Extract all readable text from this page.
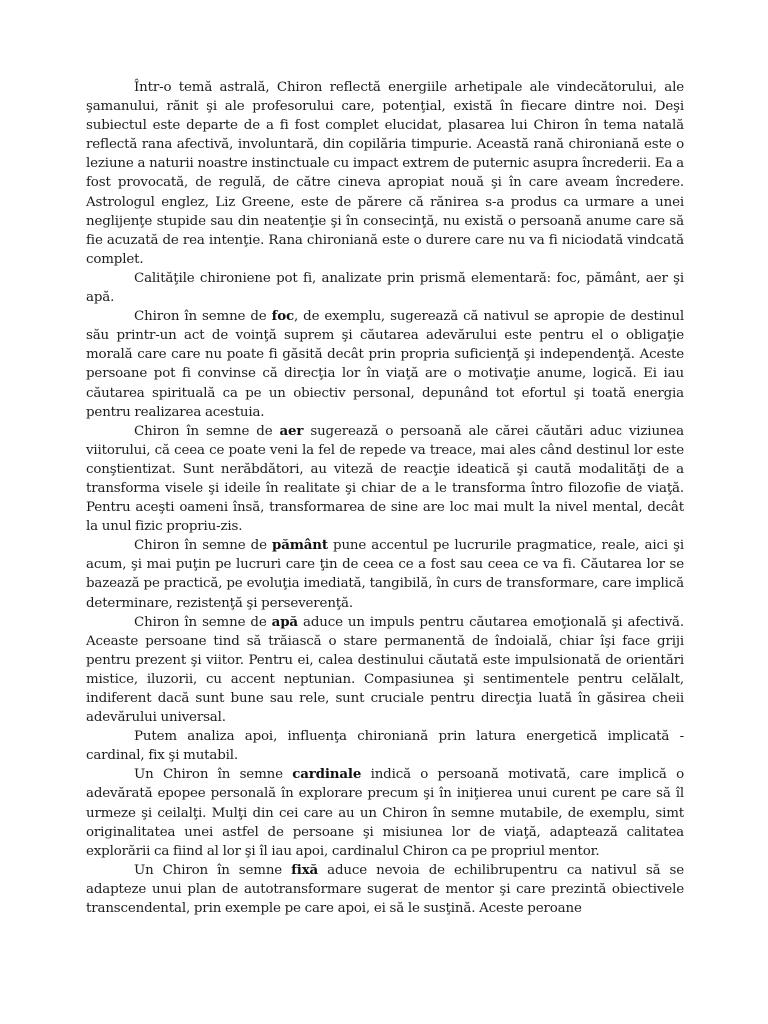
Într-o temă astrală, Chiron reflectă energiile arhetipale ale vindecătorului, ale şamanului, rănit şi ale profesorului care, potenţial, există în fiecare dintre noi. Deşi subiectul este departe de a fi fost complet elucidat, plasarea lui Chiron în tema natală reflectă rana afectivă, involuntară, din copilăria timpurie. Această rană chironiană este o leziune a naturii noastre instinctuale cu impact extrem de puternic asupra încrederii. Ea a fost provocată, de regulă, de către cineva apropiat nouă şi în care aveam încredere. Astrologul englez, Liz Greene, este de părere că rănirea s-a produs ca urmare a unei neglijenţe stupide sau din neatenţie şi în consecinţă, nu există o persoană anume care să fie acuzată de rea intenţie. Rana chironiană este o durere care nu va fi niciodată vindcată complet.

Calităţile chironiene pot fi, analizate prin prismă elementară: foc, pământ, aer şi apă.

Chiron în semne de foc, de exemplu, sugerează că nativul se apropie de destinul său printr-un act de voinţă suprem şi căutarea adevărului este pentru el o obligaţie morală care care nu poate fi găsită decât prin propria suficienţă şi independenţă. Aceste persoane pot fi convinse că direcţia lor în viaţă are o motivaţie anume, logică. Ei iau căutarea spirituală ca pe un obiectiv personal, depunând tot efortul şi toată energia pentru realizarea acestuia.

Chiron în semne de aer sugerează o persoană ale cărei căutări aduc viziunea viitorului, că ceea ce poate veni la fel de repede va treace, mai ales când destinul lor este conştientizat. Sunt nerăbdători, au viteză de reacţie ideatică şi caută modalităţi de a transforma visele şi ideile în realitate şi chiar de a le transforma întro filozofie de viaţă. Pentru aceşti oameni însă, transformarea de sine are loc mai mult la nivel mental, decât la unul fizic propriu-zis.

Chiron în semne de pământ pune accentul pe lucrurile pragmatice, reale, aici şi acum, şi mai puţin pe lucruri care ţin de ceea ce a fost sau ceea ce va fi. Căutarea lor se bazează pe practică, pe evoluţia imediată, tangibilă, în curs de transformare, care implică determinare, rezistenţă şi perseverenţă.

Chiron în semne de apă aduce un impuls pentru căutarea emoţională şi afectivă. Aceaste persoane tind să trăiască o stare permanentă de îndoială, chiar îşi face griji pentru prezent şi viitor. Pentru ei, calea destinului căutată este impulsionată de orientări mistice, iluzorii, cu accent neptunian. Compasiunea şi sentimentele pentru celălalt, indiferent dacă sunt bune sau rele, sunt cruciale pentru direcţia luată în găsirea cheii adevărului universal.

Putem analiza apoi, influenţa chironiană prin latura energetică implicată - cardinal, fix şi mutabil.

Un Chiron în semne cardinale indică o persoană motivată, care implică o adevărată epopee personală în explorare precum şi în iniţierea unui curent pe care să îl urmeze şi ceilalţi. Mulţi din cei care au un Chiron în semne mutabile, de exemplu, simt originalitatea unei astfel de persoane şi misiunea lor de viaţă, adaptează calitatea explorării ca fiind al lor şi îl iau apoi, cardinalul Chiron ca pe propriul mentor.

Un Chiron în semne fixă aduce nevoia de echilibrupentru ca nativul să se adapteze unui plan de autotransformare sugerat de mentor şi care prezintă obiectivele transcendental, prin exemple pe care apoi, ei să le susţină. Aceste peroane
